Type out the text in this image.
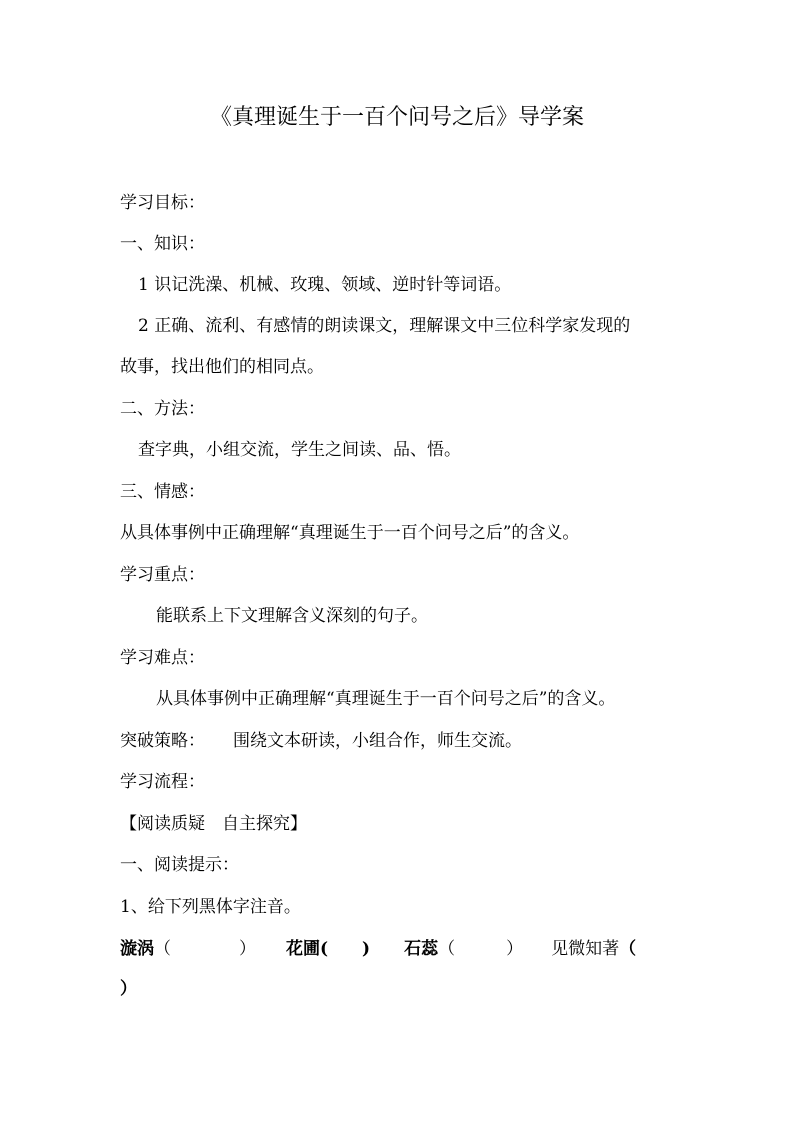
《真理诞生于一百个问号之后》导学案
学习目标：
一、知识：
1 识记洗澡、机械、玫瑰、领域、逆时针等词语。
2 正确、流利、有感情的朗读课文，理解课文中三位科学家发现的
故事，找出他们的相同点。
二、方法：
查字典，小组交流，学生之间读、品、悟。
三、情感：
从具体事例中正确理解“真理诞生于一百个问号之后”的含义。
学习重点：
能联系上下文理解含义深刻的句子。
学习难点：
从具体事例中正确理解“真理诞生于一百个问号之后”的含义。
突破策略： 围绕文本研读，小组合作，师生交流。
学习流程：
【阅读质疑　自主探究】
一、阅读提示：
1、给下列黑体字注音。
漩涡（　　　　） 花圃(　　) 石蕊（　　　） 见微知著（
）
